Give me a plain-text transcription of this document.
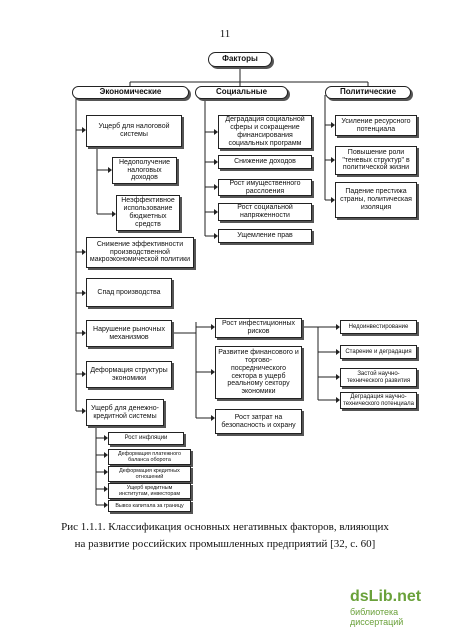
11
Факторы
Экономические	Социальные	Политические
Ущерб для налоговой системы
Недополучение налоговых доходов
Неэффективное использование бюджетных средств
Снижение эффективности производственной макроэкономической политики
Спад производства
Нарушение рыночных механизмов
Деформация структуры экономики
Ущерб для денежно-кредитной системы
Рост инфляции
Деформация платежного баланса оборота
Деформация кредитных отношений
Ущерб кредитным институтам, инвесторам
Вывоз капитала за границу
Деградация социальной сферы и сокращение финансирования социальных программ
Снижение доходов
Рост имущественного расслоения
Рост социальной напряженности
Ущемление прав
Усиление ресурсного потенциала
Повышение роли "теневых структур" в политической жизни
Падение престижа страны, политическая изоляция
Рост инфестиционных рисков
Развитие финансового и торгово-посреднического сектора в ущерб реальному сектору экономики
Рост затрат на безопасность и охрану
Недоинвестирование
Старение и деградация
Застой научно-технического развития
Деградация научно-технического потенциала
Рис 1.1.1. Классификация основных негативных факторов, влияющих
на развитие российских промышленных предприятий [32, с. 60]
dsLib.net
библиотека диссертаций
